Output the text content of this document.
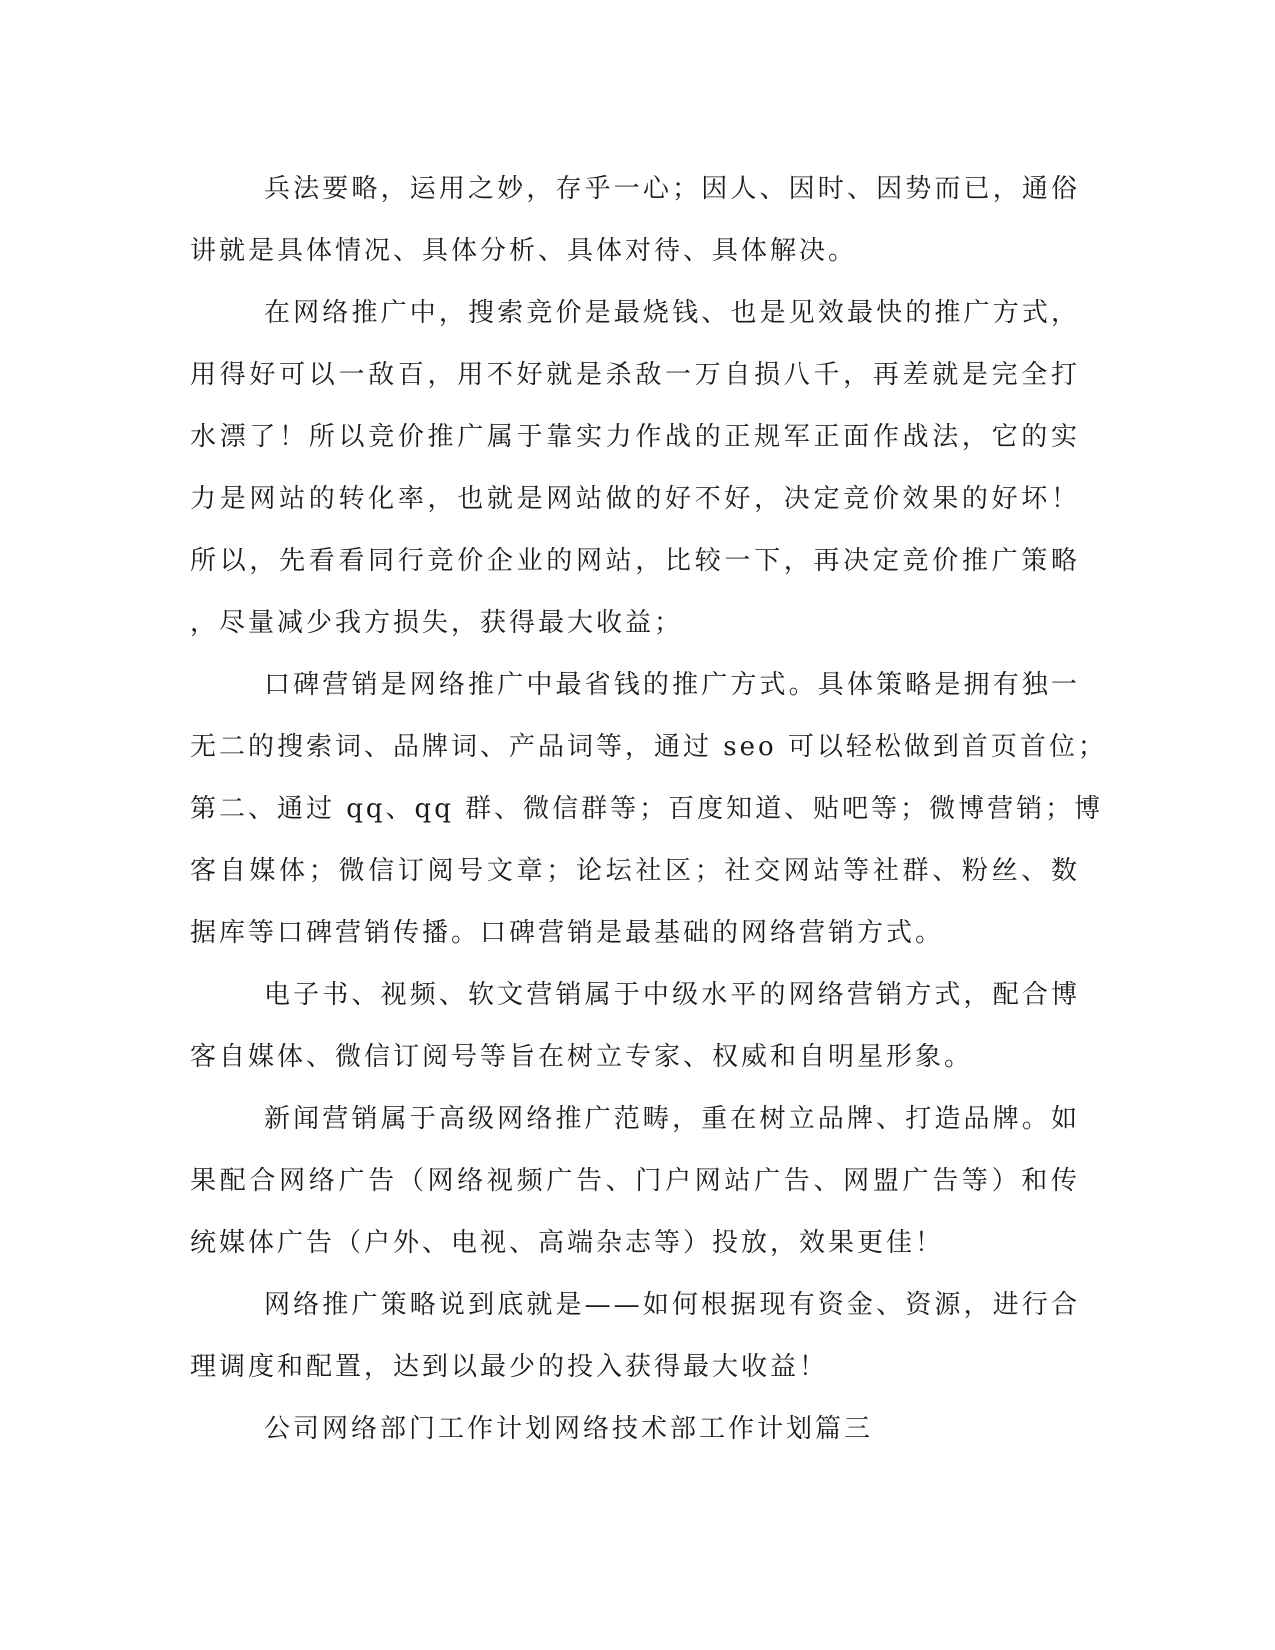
兵法要略，运用之妙，存乎一心；因人、因时、因势而已，通俗
讲就是具体情况、具体分析、具体对待、具体解决。
在网络推广中，搜索竞价是最烧钱、也是见效最快的推广方式，
用得好可以一敌百，用不好就是杀敌一万自损八千，再差就是完全打
水漂了！所以竞价推广属于靠实力作战的正规军正面作战法，它的实
力是网站的转化率，也就是网站做的好不好，决定竞价效果的好坏！
所以，先看看同行竞价企业的网站，比较一下，再决定竞价推广策略
，尽量减少我方损失，获得最大收益；
口碑营销是网络推广中最省钱的推广方式。具体策略是拥有独一
无二的搜索词、品牌词、产品词等，通过 seo 可以轻松做到首页首位；
第二、通过 qq、qq 群、微信群等；百度知道、贴吧等；微博营销；博
客自媒体；微信订阅号文章；论坛社区；社交网站等社群、粉丝、数
据库等口碑营销传播。口碑营销是最基础的网络营销方式。
电子书、视频、软文营销属于中级水平的网络营销方式，配合博
客自媒体、微信订阅号等旨在树立专家、权威和自明星形象。
新闻营销属于高级网络推广范畴，重在树立品牌、打造品牌。如
果配合网络广告（网络视频广告、门户网站广告、网盟广告等）和传
统媒体广告（户外、电视、高端杂志等）投放，效果更佳！
网络推广策略说到底就是——如何根据现有资金、资源，进行合
理调度和配置，达到以最少的投入获得最大收益！
公司网络部门工作计划网络技术部工作计划篇三
